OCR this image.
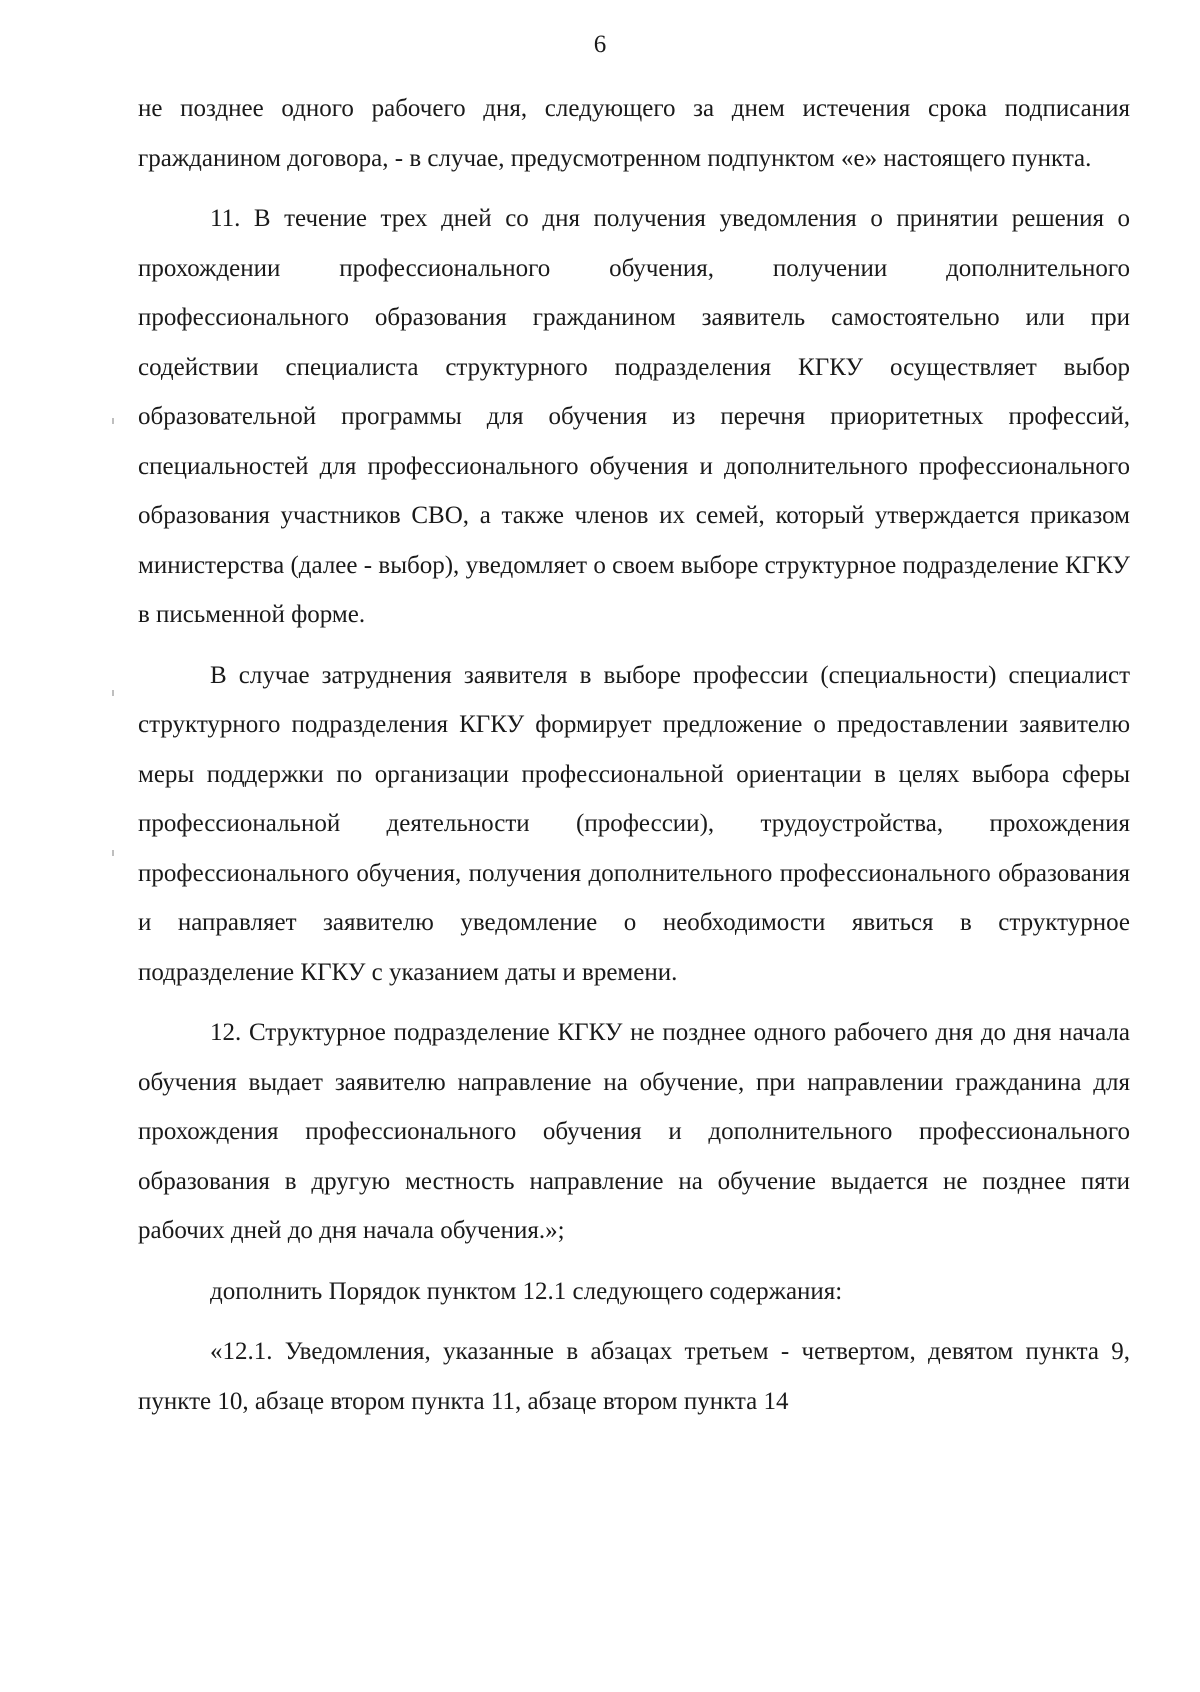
6

не позднее одного рабочего дня, следующего за днем истечения срока подписания гражданином договора, - в случае, предусмотренном подпунктом «е» настоящего пункта.

11. В течение трех дней со дня получения уведомления о принятии решения о прохождении профессионального обучения, получении дополнительного профессионального образования гражданином заявитель самостоятельно или при содействии специалиста структурного подразделения КГКУ осуществляет выбор образовательной программы для обучения из перечня приоритетных профессий, специальностей для профессионального обучения и дополнительного профессионального образования участников СВО, а также членов их семей, который утверждается приказом министерства (далее - выбор), уведомляет о своем выборе структурное подразделение КГКУ в письменной форме.

В случае затруднения заявителя в выборе профессии (специальности) специалист структурного подразделения КГКУ формирует предложение о предоставлении заявителю меры поддержки по организации профессиональной ориентации в целях выбора сферы профессиональной деятельности (профессии), трудоустройства, прохождения профессионального обучения, получения дополнительного профессионального образования и направляет заявителю уведомление о необходимости явиться в структурное подразделение КГКУ с указанием даты и времени.

12. Структурное подразделение КГКУ не позднее одного рабочего дня до дня начала обучения выдает заявителю направление на обучение, при направлении гражданина для прохождения профессионального обучения и дополнительного профессионального образования в другую местность направление на обучение выдается не позднее пяти рабочих дней до дня начала обучения.»;

дополнить Порядок пунктом 12.1 следующего содержания:

«12.1. Уведомления, указанные в абзацах третьем - четвертом, девятом пункта 9, пункте 10, абзаце втором пункта 11, абзаце втором пункта 14
